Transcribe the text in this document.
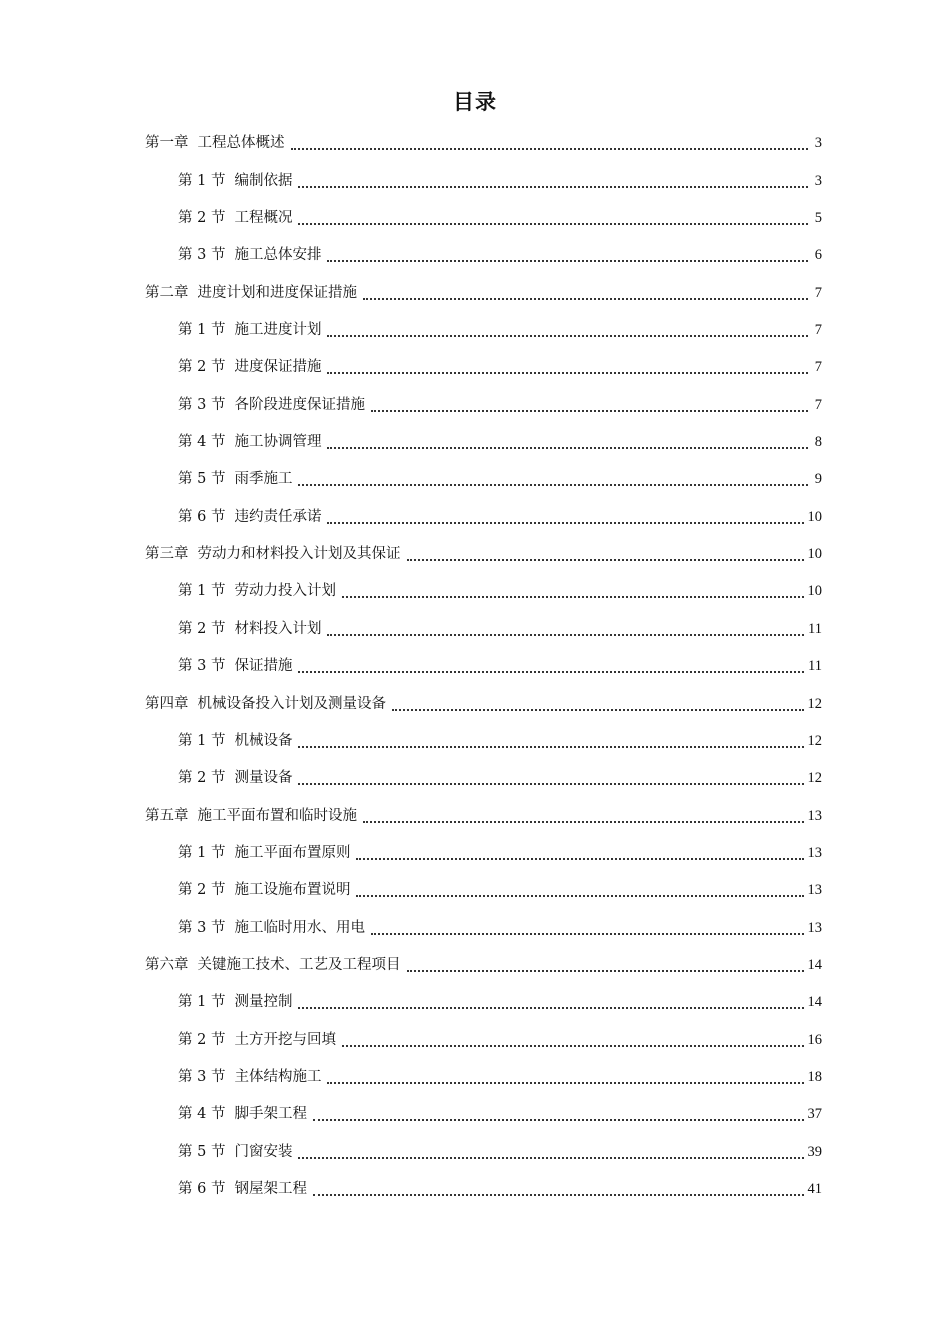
目录
第一章 工程总体概述	3
第 1 节 编制依据	3
第 2 节 工程概况	5
第 3 节 施工总体安排	6
第二章 进度计划和进度保证措施	7
第 1 节 施工进度计划	7
第 2 节 进度保证措施	7
第 3 节 各阶段进度保证措施	7
第 4 节 施工协调管理	8
第 5 节 雨季施工	9
第 6 节 违约责任承诺	10
第三章 劳动力和材料投入计划及其保证	10
第 1 节 劳动力投入计划	10
第 2 节 材料投入计划	11
第 3 节 保证措施	11
第四章 机械设备投入计划及测量设备	12
第 1 节 机械设备	12
第 2 节 测量设备	12
第五章 施工平面布置和临时设施	13
第 1 节 施工平面布置原则	13
第 2 节 施工设施布置说明	13
第 3 节 施工临时用水、用电	13
第六章 关键施工技术、工艺及工程项目	14
第 1 节 测量控制	14
第 2 节 土方开挖与回填	16
第 3 节 主体结构施工	18
第 4 节 脚手架工程	37
第 5 节 门窗安装	39
第 6 节 钢屋架工程	41
